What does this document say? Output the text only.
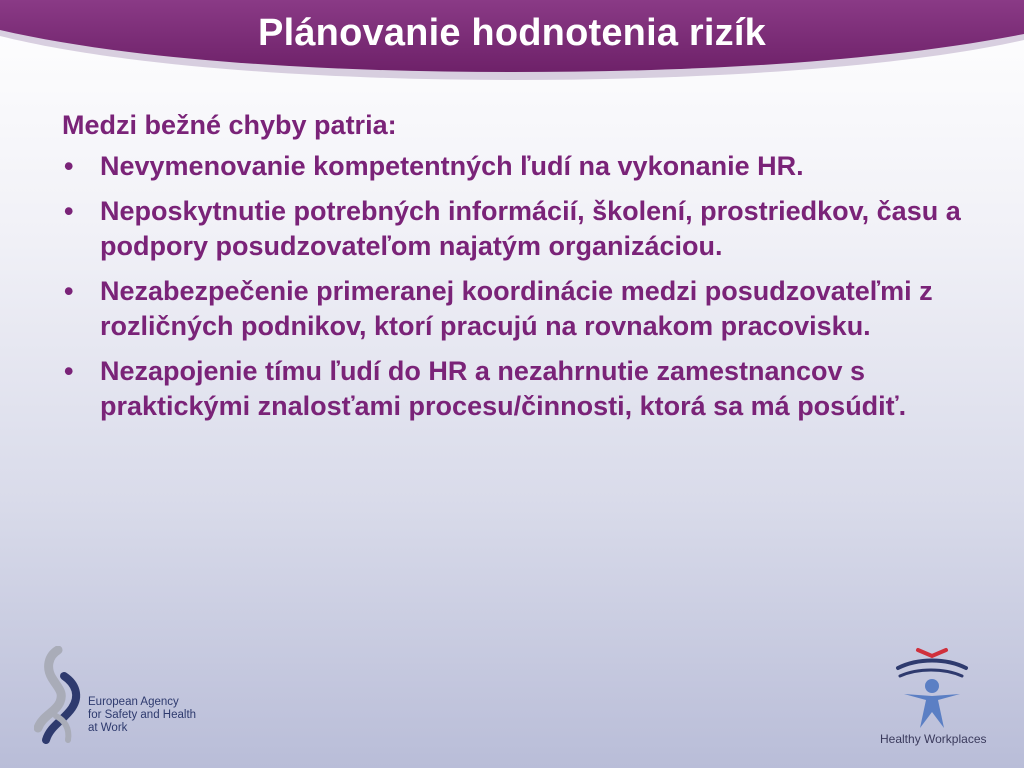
Plánovanie hodnotenia rizík

Medzi bežné chyby patria:

• Nevymenovanie kompetentných ľudí na vykonanie HR.
• Neposkytnutie potrebných informácií, školení, prostriedkov, času a podpory posudzovateľom najatým organizáciou.
• Nezabezpečenie primeranej koordinácie medzi posudzovateľmi z rozličných podnikov, ktorí pracujú na rovnakom pracovisku.
• Nezapojenie tímu ľudí do HR a nezahrnutie zamestnancov s praktickými znalosťami procesu/činnosti, ktorá sa má posúdiť.
European Agency
for Safety and Health
at Work
Healthy Workplaces
